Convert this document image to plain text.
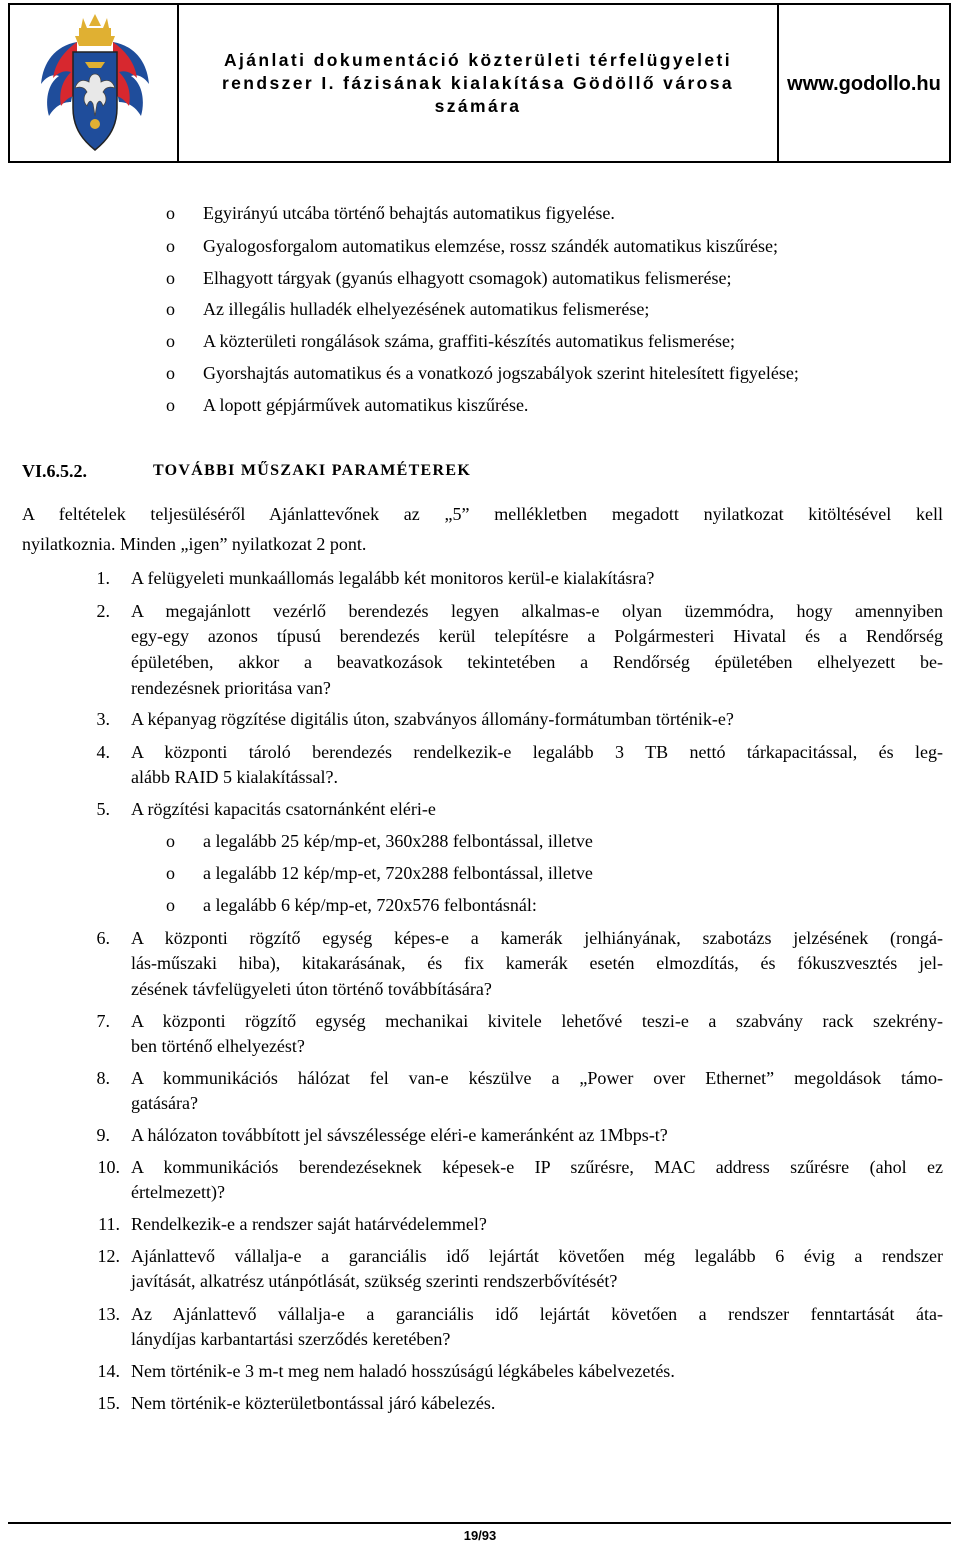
Ajánlati dokumentáció közterületi térfelügyeleti
rendszer I. fázisának kialakítása Gödöllő városa
számára
www.godollo.hu
o Egyirányú utcába történő behajtás automatikus figyelése.
o Gyalogosforgalom automatikus elemzése, rossz szándék automatikus kiszűrése;
o Elhagyott tárgyak (gyanús elhagyott csomagok) automatikus felismerése;
o Az illegális hulladék elhelyezésének automatikus felismerése;
o A közterületi rongálások száma, graffiti-készítés automatikus felismerése;
o Gyorshajtás automatikus és a vonatkozó jogszabályok szerint hitelesített figyelése;
o A lopott gépjárművek automatikus kiszűrése.
VI.6.5.2.	TOVÁBBI MŰSZAKI PARAMÉTEREK
A feltételek teljesüléséről Ajánlattevőnek az „5” mellékletben megadott nyilatkozat kitöltésével kell
nyilatkoznia. Minden „igen” nyilatkozat 2 pont.
1. A felügyeleti munkaállomás legalább két monitoros kerül-e kialakításra?
2. A megajánlott vezérlő berendezés legyen alkalmas-e olyan üzemmódra, hogy amennyiben
egy-egy azonos típusú berendezés kerül telepítésre a Polgármesteri Hivatal és a Rendőrség
épületében, akkor a beavatkozások tekintetében a Rendőrség épületében elhelyezett be-
rendezésnek prioritása van?
3. A képanyag rögzítése digitális úton, szabványos állomány-formátumban történik-e?
4. A központi tároló berendezés rendelkezik-e legalább 3 TB nettó tárkapacitással, és leg-
alább RAID 5 kialakítással?.
5. A rögzítési kapacitás csatornánként eléri-e
o a legalább 25 kép/mp-et, 360x288 felbontással, illetve
o a legalább 12 kép/mp-et, 720x288 felbontással, illetve
o a legalább 6 kép/mp-et, 720x576 felbontásnál:
6. A központi rögzítő egység képes-e a kamerák jelhiányának, szabotázs jelzésének (rongá-
lás-műszaki hiba), kitakarásának, és fix kamerák esetén elmozdítás, és fókuszvesztés jel-
zésének távfelügyeleti úton történő továbbítására?
7. A központi rögzítő egység mechanikai kivitele lehetővé teszi-e a szabvány rack szekrény-
ben történő elhelyezést?
8. A kommunikációs hálózat fel van-e készülve a „Power over Ethernet” megoldások támo-
gatására?
9. A hálózaton továbbított jel sávszélessége eléri-e kameránként az 1Mbps-t?
10. A kommunikációs berendezéseknek képesek-e IP szűrésre, MAC address szűrésre (ahol ez
értelmezett)?
11. Rendelkezik-e a rendszer saját határvédelemmel?
12. Ajánlattevő vállalja-e a garanciális idő lejártát követően még legalább 6 évig a rendszer
javítását, alkatrész utánpótlását, szükség szerinti rendszerbővítését?
13. Az Ajánlattevő vállalja-e a garanciális idő lejártát követően a rendszer fenntartását áta-
lánydíjas karbantartási szerződés keretében?
14. Nem történik-e 3 m-t meg nem haladó hosszúságú légkábeles kábelvezetés.
15. Nem történik-e közterületbontással járó kábelezés.
19/93
